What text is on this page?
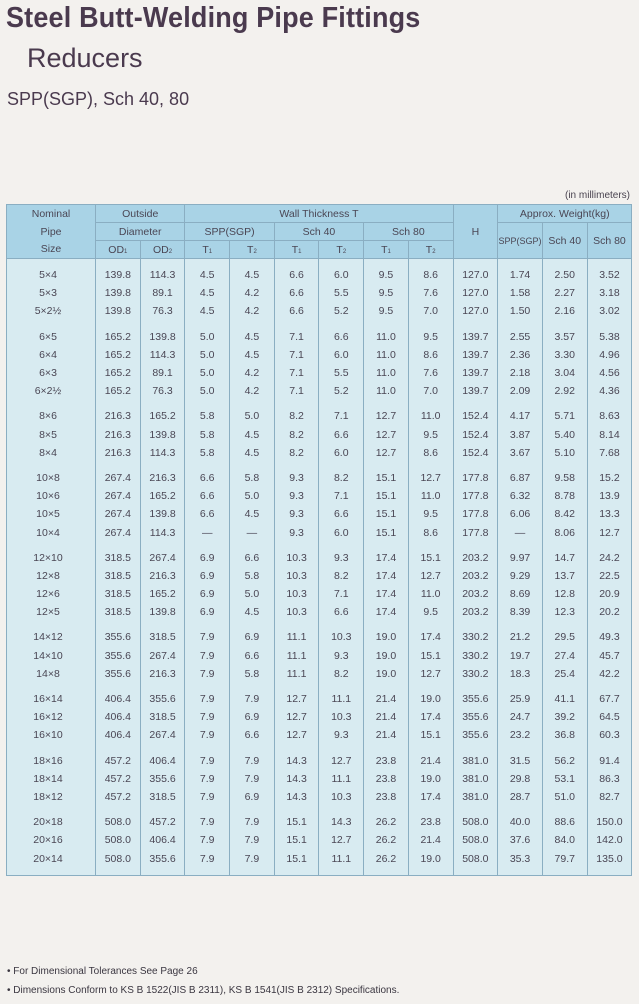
Steel Butt-Welding Pipe Fittings
Reducers
SPP(SGP), Sch 40, 80
(in millimeters)
Nominal	Outside		Wall Thickness T						H	Approx. Weight(kg)		
Pipe	Diameter		SPP(SGP)		Sch 40		Sch 80			SPP(SGP)	Sch 40	Sch 80
Size	OD1	OD2	T1	T2	T1	T2	T1	T2				

5×4	139.8	114.3	4.5	4.5	6.6	6.0	9.5	8.6	127.0	1.74	2.50	3.52
5×3	139.8	89.1	4.5	4.2	6.6	5.5	9.5	7.6	127.0	1.58	2.27	3.18
5×2½	139.8	76.3	4.5	4.2	6.6	5.2	9.5	7.0	127.0	1.50	2.16	3.02

6×5	165.2	139.8	5.0	4.5	7.1	6.6	11.0	9.5	139.7	2.55	3.57	5.38
6×4	165.2	114.3	5.0	4.5	7.1	6.0	11.0	8.6	139.7	2.36	3.30	4.96
6×3	165.2	89.1	5.0	4.2	7.1	5.5	11.0	7.6	139.7	2.18	3.04	4.56
6×2½	165.2	76.3	5.0	4.2	7.1	5.2	11.0	7.0	139.7	2.09	2.92	4.36

8×6	216.3	165.2	5.8	5.0	8.2	7.1	12.7	11.0	152.4	4.17	5.71	8.63
8×5	216.3	139.8	5.8	4.5	8.2	6.6	12.7	9.5	152.4	3.87	5.40	8.14
8×4	216.3	114.3	5.8	4.5	8.2	6.0	12.7	8.6	152.4	3.67	5.10	7.68

10×8	267.4	216.3	6.6	5.8	9.3	8.2	15.1	12.7	177.8	6.87	9.58	15.2
10×6	267.4	165.2	6.6	5.0	9.3	7.1	15.1	11.0	177.8	6.32	8.78	13.9
10×5	267.4	139.8	6.6	4.5	9.3	6.6	15.1	9.5	177.8	6.06	8.42	13.3
10×4	267.4	114.3	—	—	9.3	6.0	15.1	8.6	177.8	—	8.06	12.7

12×10	318.5	267.4	6.9	6.6	10.3	9.3	17.4	15.1	203.2	9.97	14.7	24.2
12×8	318.5	216.3	6.9	5.8	10.3	8.2	17.4	12.7	203.2	9.29	13.7	22.5
12×6	318.5	165.2	6.9	5.0	10.3	7.1	17.4	11.0	203.2	8.69	12.8	20.9
12×5	318.5	139.8	6.9	4.5	10.3	6.6	17.4	9.5	203.2	8.39	12.3	20.2

14×12	355.6	318.5	7.9	6.9	11.1	10.3	19.0	17.4	330.2	21.2	29.5	49.3
14×10	355.6	267.4	7.9	6.6	11.1	9.3	19.0	15.1	330.2	19.7	27.4	45.7
14×8	355.6	216.3	7.9	5.8	11.1	8.2	19.0	12.7	330.2	18.3	25.4	42.2

16×14	406.4	355.6	7.9	7.9	12.7	11.1	21.4	19.0	355.6	25.9	41.1	67.7
16×12	406.4	318.5	7.9	6.9	12.7	10.3	21.4	17.4	355.6	24.7	39.2	64.5
16×10	406.4	267.4	7.9	6.6	12.7	9.3	21.4	15.1	355.6	23.2	36.8	60.3

18×16	457.2	406.4	7.9	7.9	14.3	12.7	23.8	21.4	381.0	31.5	56.2	91.4
18×14	457.2	355.6	7.9	7.9	14.3	11.1	23.8	19.0	381.0	29.8	53.1	86.3
18×12	457.2	318.5	7.9	6.9	14.3	10.3	23.8	17.4	381.0	28.7	51.0	82.7

20×18	508.0	457.2	7.9	7.9	15.1	14.3	26.2	23.8	508.0	40.0	88.6	150.0
20×16	508.0	406.4	7.9	7.9	15.1	12.7	26.2	21.4	508.0	37.6	84.0	142.0
20×14	508.0	355.6	7.9	7.9	15.1	11.1	26.2	19.0	508.0	35.3	79.7	135.0

• For Dimensional Tolerances See Page 26
• Dimensions Conform to KS B 1522(JIS B 2311), KS B 1541(JIS B 2312) Specifications.
